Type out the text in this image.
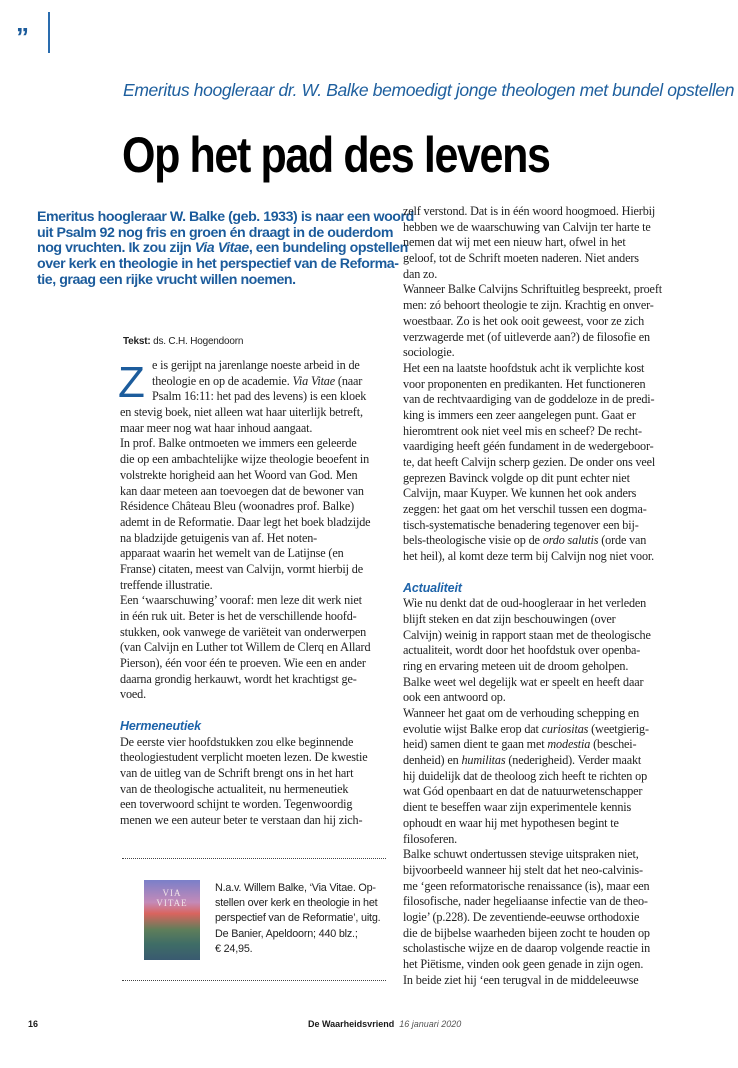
”
Emeritus hoogleraar dr. W. Balke bemoedigt jonge theologen met bundel opstellen
Op het pad des levens
Emeritus hoogleraar W. Balke (geb. 1933) is naar een woord
uit Psalm 92 nog fris en groen én draagt in de ouderdom
nog vruchten. Ik zou zijn Via Vitae, een bundeling opstellen
over kerk en theologie in het perspectief van de Reforma-
tie, graag een rijke vrucht willen noemen.
Tekst: ds. C.H. Hogendoorn
Z e is gerijpt na jarenlange noeste arbeid in de
theologie en op de academie. Via Vitae (naar
Psalm 16:11: het pad des levens) is een kloek
en stevig boek, niet alleen wat haar uiterlijk betreft,
maar meer nog wat haar inhoud aangaat.
In prof. Balke ontmoeten we immers een geleerde
die op een ambachtelijke wijze theologie beoefent in
volstrekte horigheid aan het Woord van God. Men
kan daar meteen aan toevoegen dat de bewoner van
Résidence Château Bleu (woonadres prof. Balke)
ademt in de Reformatie. Daar legt het boek bladzijde
na bladzijde getuigenis van af. Het noten-
apparaat waarin het wemelt van de Latijnse (en
Franse) citaten, meest van Calvijn, vormt hierbij de
treffende illustratie.
Een ‘waarschuwing’ vooraf: men leze dit werk niet
in één ruk uit. Beter is het de verschillende hoofd-
stukken, ook vanwege de variëteit van onderwerpen
(van Calvijn en Luther tot Willem de Clerq en Allard
Pierson), één voor één te proeven. Wie een en ander
daarna grondig herkauwt, wordt het krachtigst ge-
voed.
Hermeneutiek
De eerste vier hoofdstukken zou elke beginnende
theologiestudent verplicht moeten lezen. De kwestie
van de uitleg van de Schrift brengt ons in het hart
van de theologische actualiteit, nu hermeneutiek
een toverwoord schijnt te worden. Tegenwoordig
menen we een auteur beter te verstaan dan hij zich-
zelf verstond. Dat is in één woord hoogmoed. Hierbij
hebben we de waarschuwing van Calvijn ter harte te
nemen dat wij met een nieuw hart, ofwel in het
geloof, tot de Schrift moeten naderen. Niet anders
dan zo.
Wanneer Balke Calvijns Schriftuitleg bespreekt, proeft
men: zó behoort theologie te zijn. Krachtig en onver-
woestbaar. Zo is het ook ooit geweest, voor ze zich
verzwagerde met (of uitleverde aan?) de filosofie en
sociologie.
Het een na laatste hoofdstuk acht ik verplichte kost
voor proponenten en predikanten. Het functioneren
van de rechtvaardiging van de goddeloze in de predi-
king is immers een zeer aangelegen punt. Gaat er
hieromtrent ook niet veel mis en scheef? De recht-
vaardiging heeft géén fundament in de wedergeboor-
te, dat heeft Calvijn scherp gezien. De onder ons veel
geprezen Bavinck volgde op dit punt echter niet
Calvijn, maar Kuyper. We kunnen het ook anders
zeggen: het gaat om het verschil tussen een dogma-
tisch-systematische benadering tegenover een bij-
bels-theologische visie op de ordo salutis (orde van
het heil), al komt deze term bij Calvijn nog niet voor.
Actualiteit
Wie nu denkt dat de oud-hoogleraar in het verleden
blijft steken en dat zijn beschouwingen (over
Calvijn) weinig in rapport staan met de theologische
actualiteit, wordt door het hoofdstuk over openba-
ring en ervaring meteen uit de droom geholpen.
Balke weet wel degelijk wat er speelt en heeft daar
ook een antwoord op.
Wanneer het gaat om de verhouding schepping en
evolutie wijst Balke erop dat curiositas (weetgierig-
heid) samen dient te gaan met modestia (beschei-
denheid) en humilitas (nederigheid). Verder maakt
hij duidelijk dat de theoloog zich heeft te richten op
wat Gód openbaart en dat de natuurwetenschapper
dient te beseffen waar zijn experimentele kennis
ophoudt en waar hij met hypothesen begint te
filosoferen.
Balke schuwt ondertussen stevige uitspraken niet,
bijvoorbeeld wanneer hij stelt dat het neo-calvinis-
me ‘geen reformatorische renaissance (is), maar een
filosofische, nader hegeliaanse infectie van de theo-
logie’ (p.228). De zeventiende-eeuwse orthodoxie
die de bijbelse waarheden bijeen zocht te houden op
scholastische wijze en de daarop volgende reactie in
het Piëtisme, vinden ook geen genade in zijn ogen.
In beide ziet hij ‘een terugval in de middeleeuwse
VIA
VITAE
N.a.v. Willem Balke, ‘Via Vitae. Op-
stellen over kerk en theologie in het
perspectief van de Reformatie’, uitg.
De Banier, Apeldoorn; 440 blz.;
€ 24,95.
16	De Waarheidsvriend 16 januari 2020
